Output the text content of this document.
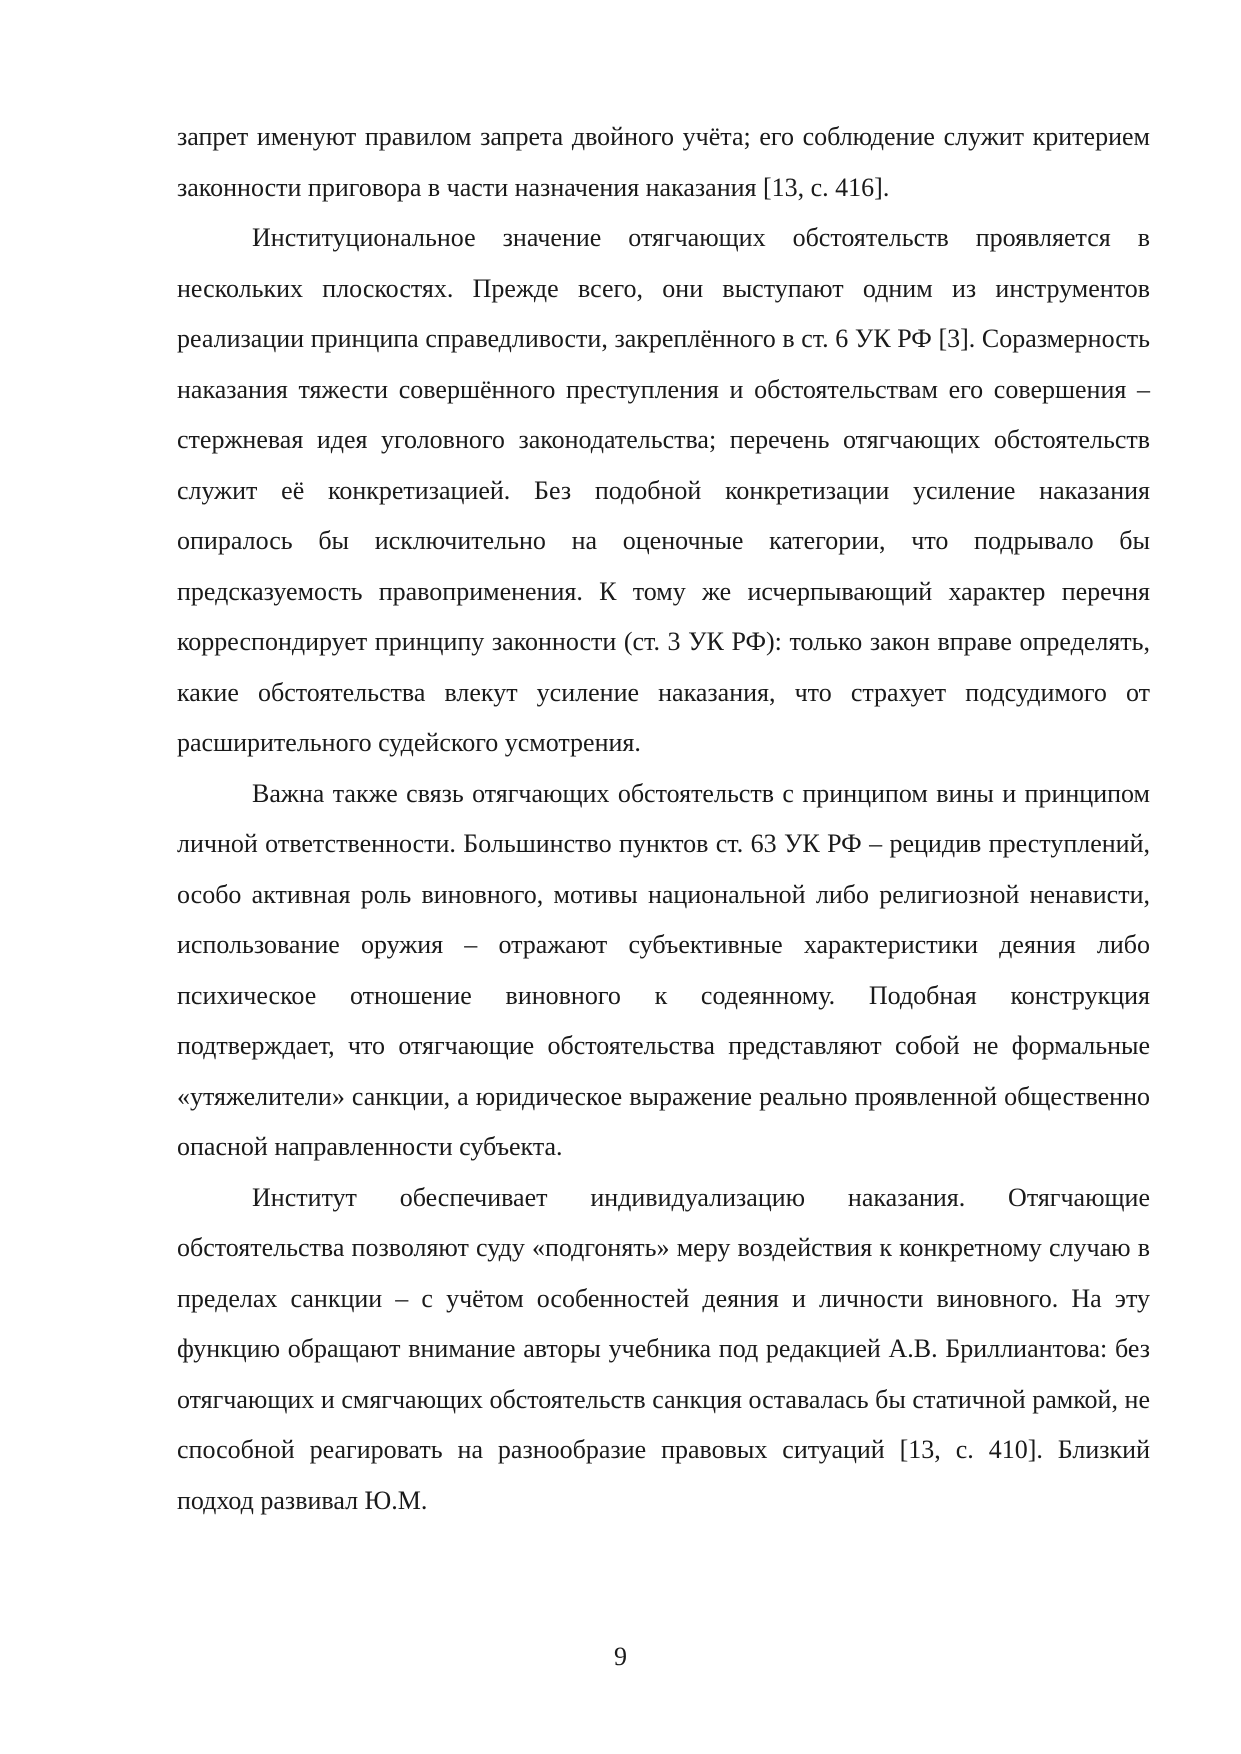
запрет именуют правилом запрета двойного учёта; его соблюдение служит критерием законности приговора в части назначения наказания [13, с. 416].

Институциональное значение отягчающих обстоятельств проявляется в нескольких плоскостях. Прежде всего, они выступают одним из инструментов реализации принципа справедливости, закреплённого в ст. 6 УК РФ [3]. Соразмерность наказания тяжести совершённого преступления и обстоятельствам его совершения – стержневая идея уголовного законодательства; перечень отягчающих обстоятельств служит её конкретизацией. Без подобной конкретизации усиление наказания опиралось бы исключительно на оценочные категории, что подрывало бы предсказуемость правоприменения. К тому же исчерпывающий характер перечня корреспондирует принципу законности (ст. 3 УК РФ): только закон вправе определять, какие обстоятельства влекут усиление наказания, что страхует подсудимого от расширительного судейского усмотрения.

Важна также связь отягчающих обстоятельств с принципом вины и принципом личной ответственности. Большинство пунктов ст. 63 УК РФ – рецидив преступлений, особо активная роль виновного, мотивы национальной либо религиозной ненависти, использование оружия – отражают субъективные характеристики деяния либо психическое отношение виновного к содеянному. Подобная конструкция подтверждает, что отягчающие обстоятельства представляют собой не формальные «утяжелители» санкции, а юридическое выражение реально проявленной общественно опасной направленности субъекта.

Институт обеспечивает индивидуализацию наказания. Отягчающие обстоятельства позволяют суду «подгонять» меру воздействия к конкретному случаю в пределах санкции – с учётом особенностей деяния и личности виновного. На эту функцию обращают внимание авторы учебника под редакцией А.В. Бриллиантова: без отягчающих и смягчающих обстоятельств санкция оставалась бы статичной рамкой, не способной реагировать на разнообразие правовых ситуаций [13, с. 410]. Близкий подход развивал Ю.М.

9
